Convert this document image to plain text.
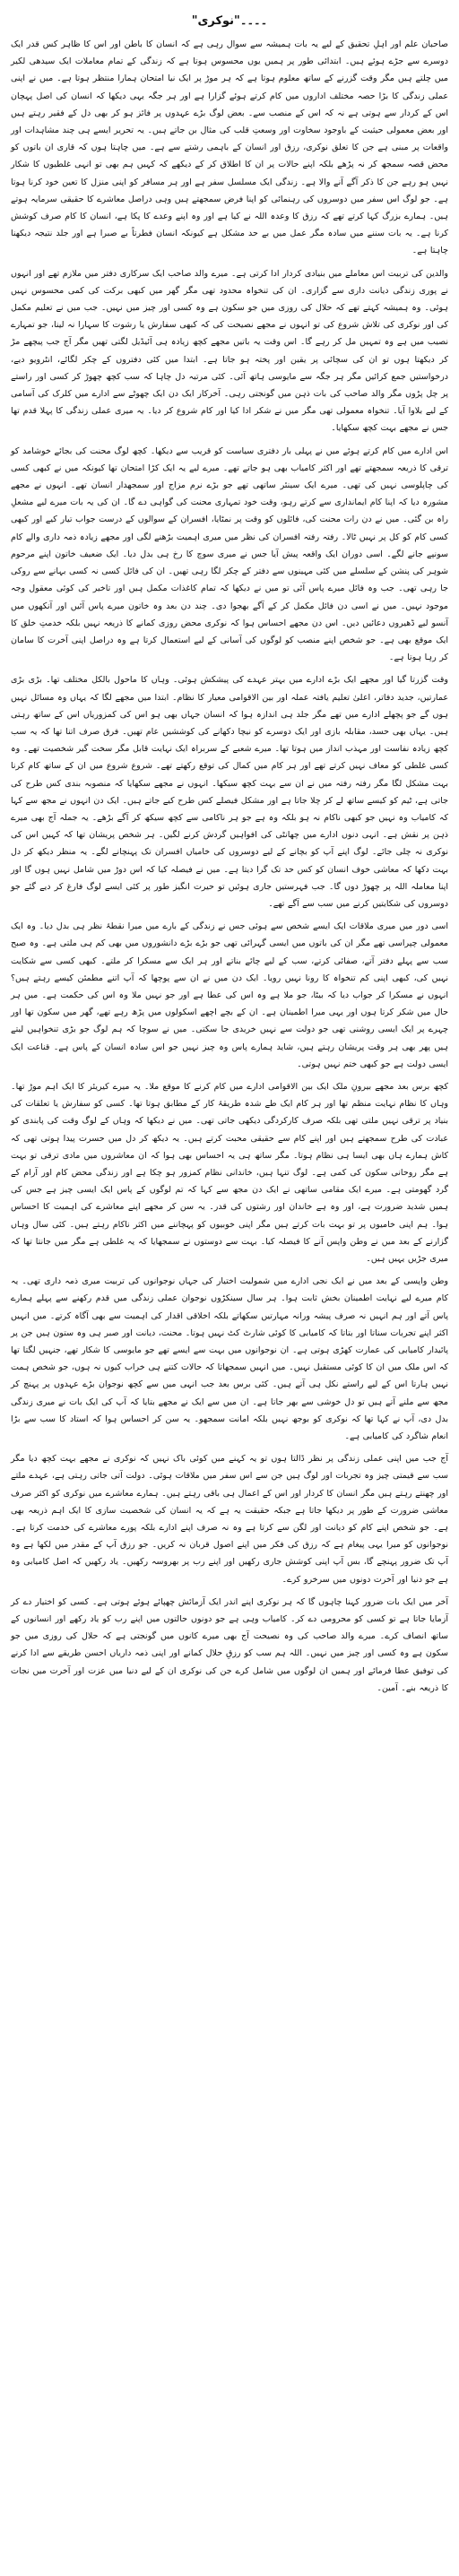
۔۔۔۔"نوکری"

صاحبان علم اور اہلِ تحقیق کے لیے یہ بات ہمیشہ سے سوال رہی ہے کہ انسان کا باطن اور اس کا ظاہر کس قدر ایک دوسرے سے جڑے ہوئے ہیں۔ ابتدائی طور پر ہمیں یوں محسوس ہوتا ہے کہ زندگی کے تمام معاملات ایک سیدھی لکیر میں چلتے ہیں مگر وقت گزرنے کے ساتھ معلوم ہوتا ہے کہ ہر موڑ پر ایک نیا امتحان ہمارا منتظر ہوتا ہے۔ میں نے اپنی عملی زندگی کا بڑا حصہ مختلف اداروں میں کام کرتے ہوئے گزارا ہے اور ہر جگہ یہی دیکھا کہ انسان کی اصل پہچان اس کے کردار سے ہوتی ہے نہ کہ اس کے منصب سے۔ بعض لوگ بڑے عہدوں پر فائز ہو کر بھی دل کے فقیر رہتے ہیں اور بعض معمولی حیثیت کے باوجود سخاوت اور وسعتِ قلب کی مثال بن جاتے ہیں۔ یہ تحریر ایسے ہی چند مشاہدات اور واقعات پر مبنی ہے جن کا تعلق نوکری، رزق اور انسان کے باہمی رشتے سے ہے۔ میں چاہتا ہوں کہ قاری ان باتوں کو محض قصہ سمجھ کر نہ پڑھے بلکہ اپنے حالات پر ان کا اطلاق کر کے دیکھے کہ کہیں ہم بھی تو انہی غلطیوں کا شکار نہیں ہو رہے جن کا ذکر آگے آنے والا ہے۔ زندگی ایک مسلسل سفر ہے اور ہر مسافر کو اپنی منزل کا تعین خود کرنا ہوتا ہے۔ جو لوگ اس سفر میں دوسروں کی رہنمائی کو اپنا فرض سمجھتے ہیں وہی دراصل معاشرے کا حقیقی سرمایہ ہوتے ہیں۔ ہمارے بزرگ کہا کرتے تھے کہ رزق کا وعدہ اللہ نے کیا ہے اور وہ اپنے وعدے کا پکا ہے، انسان کا کام صرف کوشش کرنا ہے۔ یہ بات سننے میں سادہ مگر عمل میں بے حد مشکل ہے کیونکہ انسان فطرتاً بے صبرا ہے اور جلد نتیجہ دیکھنا چاہتا ہے۔

والدین کی تربیت اس معاملے میں بنیادی کردار ادا کرتی ہے۔ میرے والد صاحب ایک سرکاری دفتر میں ملازم تھے اور انہوں نے پوری زندگی دیانت داری سے گزاری۔ ان کی تنخواہ محدود تھی مگر گھر میں کبھی برکت کی کمی محسوس نہیں ہوئی۔ وہ ہمیشہ کہتے تھے کہ حلال کی روزی میں جو سکون ہے وہ کسی اور چیز میں نہیں۔ جب میں نے تعلیم مکمل کی اور نوکری کی تلاش شروع کی تو انہوں نے مجھے نصیحت کی کہ کبھی سفارش یا رشوت کا سہارا نہ لینا، جو تمہارے نصیب میں ہے وہ تمہیں مل کر رہے گا۔ اس وقت یہ باتیں مجھے کچھ زیادہ ہی آئیڈیل لگتی تھیں مگر آج جب پیچھے مڑ کر دیکھتا ہوں تو ان کی سچائی پر یقین اور پختہ ہو جاتا ہے۔ ابتدا میں کئی دفتروں کے چکر لگائے، انٹرویو دیے، درخواستیں جمع کرائیں مگر ہر جگہ سے مایوسی ہاتھ آئی۔ کئی مرتبہ دل چاہا کہ سب کچھ چھوڑ کر کسی اور راستے پر چل پڑوں مگر والد صاحب کی بات ذہن میں گونجتی رہی۔ آخرکار ایک دن ایک چھوٹے سے ادارے میں کلرک کی آسامی کے لیے بلاوا آیا۔ تنخواہ معمولی تھی مگر میں نے شکر ادا کیا اور کام شروع کر دیا۔ یہ میری عملی زندگی کا پہلا قدم تھا جس نے مجھے بہت کچھ سکھایا۔

اس ادارے میں کام کرتے ہوئے میں نے پہلی بار دفتری سیاست کو قریب سے دیکھا۔ کچھ لوگ محنت کی بجائے خوشامد کو ترقی کا ذریعہ سمجھتے تھے اور اکثر کامیاب بھی ہو جاتے تھے۔ میرے لیے یہ ایک کڑا امتحان تھا کیونکہ میں نے کبھی کسی کی چاپلوسی نہیں کی تھی۔ میرے ایک سینئر ساتھی تھے جو بڑے نرم مزاج اور سمجھدار انسان تھے۔ انہوں نے مجھے مشورہ دیا کہ اپنا کام ایمانداری سے کرتے رہو، وقت خود تمہاری محنت کی گواہی دے گا۔ ان کی یہ بات میرے لیے مشعلِ راہ بن گئی۔ میں نے دن رات محنت کی، فائلوں کو وقت پر نمٹایا، افسران کے سوالوں کے درست جواب تیار کیے اور کبھی کسی کام کو کل پر نہیں ٹالا۔ رفتہ رفتہ افسران کی نظر میں میری اہمیت بڑھنے لگی اور مجھے زیادہ ذمہ داری والے کام سونپے جانے لگے۔ اسی دوران ایک واقعہ پیش آیا جس نے میری سوچ کا رخ ہی بدل دیا۔ ایک ضعیف خاتون اپنے مرحوم شوہر کی پنشن کے سلسلے میں کئی مہینوں سے دفتر کے چکر لگا رہی تھیں۔ ان کی فائل کسی نہ کسی بہانے سے روکی جا رہی تھی۔ جب وہ فائل میرے پاس آئی تو میں نے دیکھا کہ تمام کاغذات مکمل ہیں اور تاخیر کی کوئی معقول وجہ موجود نہیں۔ میں نے اسی دن فائل مکمل کر کے آگے بھجوا دی۔ چند دن بعد وہ خاتون میرے پاس آئیں اور آنکھوں میں آنسو لیے ڈھیروں دعائیں دیں۔ اس دن مجھے احساس ہوا کہ نوکری محض روزی کمانے کا ذریعہ نہیں بلکہ خدمتِ خلق کا ایک موقع بھی ہے۔ جو شخص اپنے منصب کو لوگوں کی آسانی کے لیے استعمال کرتا ہے وہ دراصل اپنی آخرت کا سامان کر رہا ہوتا ہے۔

وقت گزرتا گیا اور مجھے ایک بڑے ادارے میں بہتر عہدے کی پیشکش ہوئی۔ وہاں کا ماحول بالکل مختلف تھا۔ بڑی بڑی عمارتیں، جدید دفاتر، اعلیٰ تعلیم یافتہ عملہ اور بین الاقوامی معیار کا نظام۔ ابتدا میں مجھے لگا کہ یہاں وہ مسائل نہیں ہوں گے جو پچھلے ادارے میں تھے مگر جلد ہی اندازہ ہوا کہ انسان جہاں بھی ہو اس کی کمزوریاں اس کے ساتھ رہتی ہیں۔ یہاں بھی حسد، مقابلہ بازی اور ایک دوسرے کو نیچا دکھانے کی کوششیں عام تھیں۔ فرق صرف اتنا تھا کہ یہ سب کچھ زیادہ نفاست اور مہذب انداز میں ہوتا تھا۔ میرے شعبے کے سربراہ ایک نہایت قابل مگر سخت گیر شخصیت تھے۔ وہ کسی غلطی کو معاف نہیں کرتے تھے اور ہر کام میں کمال کی توقع رکھتے تھے۔ شروع شروع میں ان کے ساتھ کام کرنا بہت مشکل لگا مگر رفتہ رفتہ میں نے ان سے بہت کچھ سیکھا۔ انہوں نے مجھے سکھایا کہ منصوبہ بندی کس طرح کی جاتی ہے، ٹیم کو کیسے ساتھ لے کر چلا جاتا ہے اور مشکل فیصلے کس طرح کیے جاتے ہیں۔ ایک دن انہوں نے مجھ سے کہا کہ کامیاب وہ نہیں جو کبھی ناکام نہ ہو بلکہ وہ ہے جو ہر ناکامی سے کچھ سیکھ کر آگے بڑھے۔ یہ جملہ آج بھی میرے ذہن پر نقش ہے۔ انہی دنوں ادارے میں چھانٹی کی افواہیں گردش کرنے لگیں۔ ہر شخص پریشان تھا کہ کہیں اس کی نوکری نہ چلی جائے۔ لوگ اپنے آپ کو بچانے کے لیے دوسروں کی خامیاں افسران تک پہنچانے لگے۔ یہ منظر دیکھ کر دل بہت دکھا کہ معاشی خوف انسان کو کس حد تک گرا دیتا ہے۔ میں نے فیصلہ کیا کہ اس دوڑ میں شامل نہیں ہوں گا اور اپنا معاملہ اللہ پر چھوڑ دوں گا۔ جب فہرستیں جاری ہوئیں تو حیرت انگیز طور پر کئی ایسے لوگ فارغ کر دیے گئے جو دوسروں کی شکایتیں کرنے میں سب سے آگے تھے۔

اسی دور میں میری ملاقات ایک ایسے شخص سے ہوئی جس نے زندگی کے بارے میں میرا نقطۂ نظر ہی بدل دیا۔ وہ ایک معمولی چپراسی تھے مگر ان کی باتوں میں ایسی گہرائی تھی جو بڑے بڑے دانشوروں میں بھی کم ہی ملتی ہے۔ وہ صبح سب سے پہلے دفتر آتے، صفائی کرتے، سب کے لیے چائے بناتے اور ہر ایک سے مسکرا کر ملتے۔ کبھی کسی سے شکایت نہیں کی، کبھی اپنی کم تنخواہ کا رونا نہیں رویا۔ ایک دن میں نے ان سے پوچھا کہ آپ اتنے مطمئن کیسے رہتے ہیں؟ انہوں نے مسکرا کر جواب دیا کہ بیٹا، جو ملا ہے وہ اس کی عطا ہے اور جو نہیں ملا وہ اس کی حکمت ہے۔ میں ہر حال میں شکر کرتا ہوں اور یہی میرا اطمینان ہے۔ ان کے بچے اچھے اسکولوں میں پڑھ رہے تھے، گھر میں سکون تھا اور چہرے پر ایک ایسی روشنی تھی جو دولت سے نہیں خریدی جا سکتی۔ میں نے سوچا کہ ہم لوگ جو بڑی تنخواہیں لیتے ہیں پھر بھی ہر وقت پریشان رہتے ہیں، شاید ہمارے پاس وہ چیز نہیں جو اس سادہ انسان کے پاس ہے۔ قناعت ایک ایسی دولت ہے جو کبھی ختم نہیں ہوتی۔

کچھ برس بعد مجھے بیرونِ ملک ایک بین الاقوامی ادارے میں کام کرنے کا موقع ملا۔ یہ میرے کیریئر کا ایک اہم موڑ تھا۔ وہاں کا نظام نہایت منظم تھا اور ہر کام ایک طے شدہ طریقۂ کار کے مطابق ہوتا تھا۔ کسی کو سفارش یا تعلقات کی بنیاد پر ترقی نہیں ملتی تھی بلکہ صرف کارکردگی دیکھی جاتی تھی۔ میں نے دیکھا کہ وہاں کے لوگ وقت کی پابندی کو عبادت کی طرح سمجھتے ہیں اور اپنے کام سے حقیقی محبت کرتے ہیں۔ یہ دیکھ کر دل میں حسرت پیدا ہوتی تھی کہ کاش ہمارے ہاں بھی ایسا ہی نظام ہوتا۔ مگر ساتھ ہی یہ احساس بھی ہوا کہ ان معاشروں میں مادی ترقی تو بہت ہے مگر روحانی سکون کی کمی ہے۔ لوگ تنہا ہیں، خاندانی نظام کمزور ہو چکا ہے اور زندگی محض کام اور آرام کے گرد گھومتی ہے۔ میرے ایک مقامی ساتھی نے ایک دن مجھ سے کہا کہ تم لوگوں کے پاس ایک ایسی چیز ہے جس کی ہمیں شدید ضرورت ہے، اور وہ ہے خاندان اور رشتوں کی قدر۔ یہ سن کر مجھے اپنے معاشرے کی اہمیت کا احساس ہوا۔ ہم اپنی خامیوں پر تو بہت بات کرتے ہیں مگر اپنی خوبیوں کو پہچاننے میں اکثر ناکام رہتے ہیں۔ کئی سال وہاں گزارنے کے بعد میں نے وطن واپس آنے کا فیصلہ کیا۔ بہت سے دوستوں نے سمجھایا کہ یہ غلطی ہے مگر میں جانتا تھا کہ میری جڑیں یہیں ہیں۔

وطن واپسی کے بعد میں نے ایک نجی ادارے میں شمولیت اختیار کی جہاں نوجوانوں کی تربیت میری ذمہ داری تھی۔ یہ کام میرے لیے نہایت اطمینان بخش ثابت ہوا۔ ہر سال سینکڑوں نوجوان عملی زندگی میں قدم رکھنے سے پہلے ہمارے پاس آتے اور ہم انہیں نہ صرف پیشہ ورانہ مہارتیں سکھاتے بلکہ اخلاقی اقدار کی اہمیت سے بھی آگاہ کرتے۔ میں انہیں اکثر اپنے تجربات سناتا اور بتاتا کہ کامیابی کا کوئی شارٹ کٹ نہیں ہوتا۔ محنت، دیانت اور صبر ہی وہ ستون ہیں جن پر پائیدار کامیابی کی عمارت کھڑی ہوتی ہے۔ ان نوجوانوں میں بہت سے ایسے تھے جو مایوسی کا شکار تھے، جنہیں لگتا تھا کہ اس ملک میں ان کا کوئی مستقبل نہیں۔ میں انہیں سمجھاتا کہ حالات کتنے ہی خراب کیوں نہ ہوں، جو شخص ہمت نہیں ہارتا اس کے لیے راستے نکل ہی آتے ہیں۔ کئی برس بعد جب انہی میں سے کچھ نوجوان بڑے عہدوں پر پہنچ کر مجھ سے ملنے آتے ہیں تو دل خوشی سے بھر جاتا ہے۔ ان میں سے ایک نے مجھے بتایا کہ آپ کی ایک بات نے میری زندگی بدل دی، آپ نے کہا تھا کہ نوکری کو بوجھ نہیں بلکہ امانت سمجھو۔ یہ سن کر احساس ہوا کہ استاد کا سب سے بڑا انعام شاگرد کی کامیابی ہے۔

آج جب میں اپنی عملی زندگی پر نظر ڈالتا ہوں تو یہ کہنے میں کوئی باک نہیں کہ نوکری نے مجھے بہت کچھ دیا مگر سب سے قیمتی چیز وہ تجربات اور لوگ ہیں جن سے اس سفر میں ملاقات ہوئی۔ دولت آتی جاتی رہتی ہے، عہدے ملتے اور چھنتے رہتے ہیں مگر انسان کا کردار اور اس کے اعمال ہی باقی رہتے ہیں۔ ہمارے معاشرے میں نوکری کو اکثر صرف معاشی ضرورت کے طور پر دیکھا جاتا ہے جبکہ حقیقت یہ ہے کہ یہ انسان کی شخصیت سازی کا ایک اہم ذریعہ بھی ہے۔ جو شخص اپنے کام کو دیانت اور لگن سے کرتا ہے وہ نہ صرف اپنے ادارے بلکہ پورے معاشرے کی خدمت کرتا ہے۔ نوجوانوں کو میرا یہی پیغام ہے کہ رزق کی فکر میں اپنے اصول قربان نہ کریں۔ جو رزق آپ کے مقدر میں لکھا ہے وہ آپ تک ضرور پہنچے گا، بس آپ اپنی کوشش جاری رکھیں اور اپنے رب پر بھروسہ رکھیں۔ یاد رکھیں کہ اصل کامیابی وہ ہے جو دنیا اور آخرت دونوں میں سرخرو کرے۔

آخر میں ایک بات ضرور کہنا چاہوں گا کہ ہر نوکری اپنے اندر ایک آزمائش چھپائے ہوئے ہوتی ہے۔ کسی کو اختیار دے کر آزمایا جاتا ہے تو کسی کو محرومی دے کر۔ کامیاب وہی ہے جو دونوں حالتوں میں اپنے رب کو یاد رکھے اور انسانوں کے ساتھ انصاف کرے۔ میرے والد صاحب کی وہ نصیحت آج بھی میرے کانوں میں گونجتی ہے کہ حلال کی روزی میں جو سکون ہے وہ کسی اور چیز میں نہیں۔ اللہ ہم سب کو رزقِ حلال کمانے اور اپنی ذمہ داریاں احسن طریقے سے ادا کرنے کی توفیق عطا فرمائے اور ہمیں ان لوگوں میں شامل کرے جن کی نوکری ان کے لیے دنیا میں عزت اور آخرت میں نجات کا ذریعہ بنے۔ آمین۔
